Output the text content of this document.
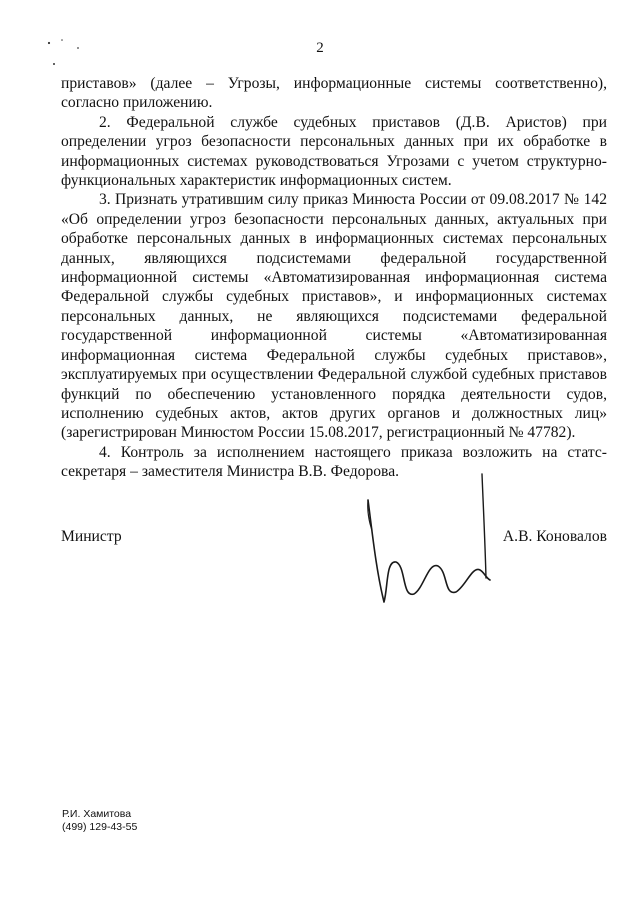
2

приставов» (далее – Угрозы, информационные системы соответственно), согласно приложению.

2. Федеральной службе судебных приставов (Д.В. Аристов) при определении угроз безопасности персональных данных при их обработке в информационных системах руководствоваться Угрозами с учетом структурно-функциональных характеристик информационных систем.

3. Признать утратившим силу приказ Минюста России от 09.08.2017 № 142 «Об определении угроз безопасности персональных данных, актуальных при обработке персональных данных в информационных системах персональных данных, являющихся подсистемами федеральной государственной информационной системы «Автоматизированная информационная система Федеральной службы судебных приставов», и информационных системах персональных данных, не являющихся подсистемами федеральной государственной информационной системы «Автоматизированная информационная система Федеральной службы судебных приставов», эксплуатируемых при осуществлении Федеральной службой судебных приставов функций по обеспечению установленного порядка деятельности судов, исполнению судебных актов, актов других органов и должностных лиц» (зарегистрирован Минюстом России 15.08.2017, регистрационный № 47782).

4. Контроль за исполнением настоящего приказа возложить на статс-секретаря – заместителя Министра В.В. Федорова.

Министр	А.В. Коновалов
Р.И. Хамитова
(499) 129-43-55
